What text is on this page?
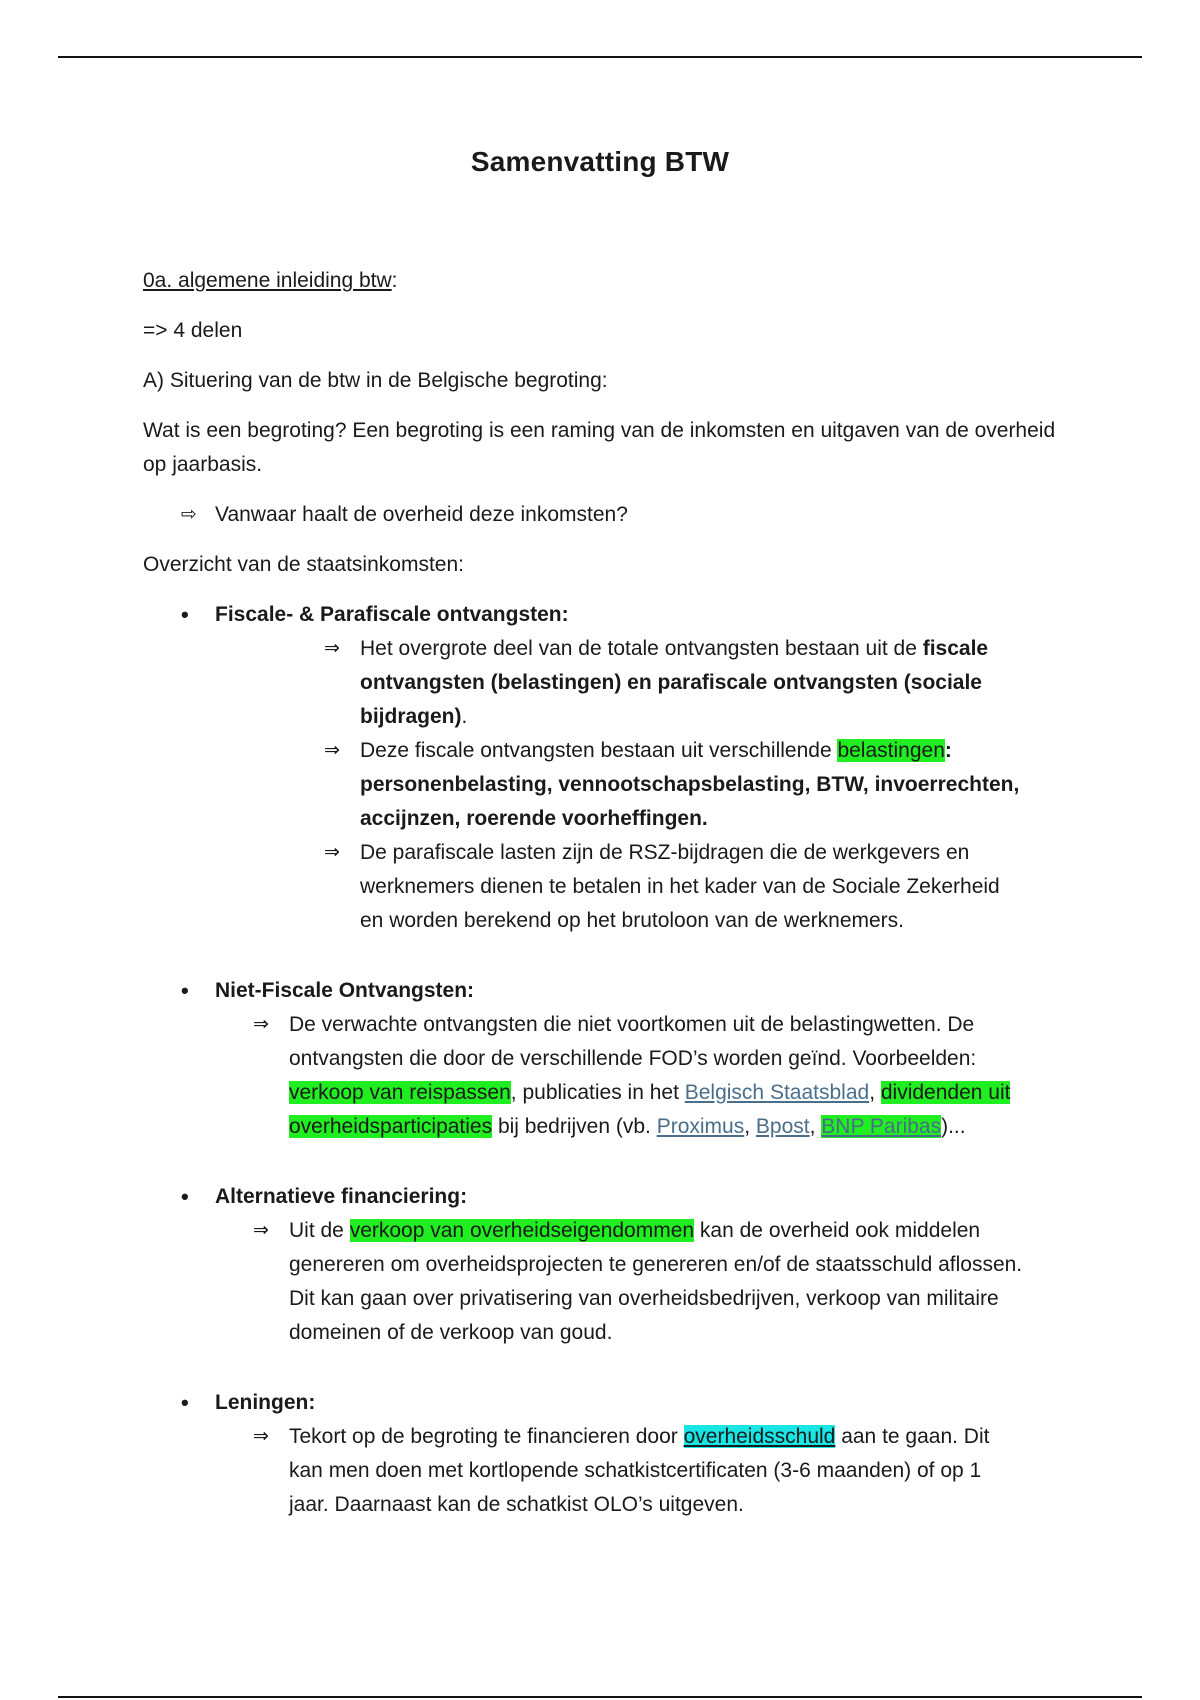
Samenvatting BTW

0a. algemene inleiding btw:

=> 4 delen

A) Situering van de btw in de Belgische begroting:

Wat is een begroting? Een begroting is een raming van de inkomsten en uitgaven van de overheid op jaarbasis.

⇨ Vanwaar haalt de overheid deze inkomsten?

Overzicht van de staatsinkomsten:

•	Fiscale- & Parafiscale ontvangsten:
⇒ Het overgrote deel van de totale ontvangsten bestaan uit de fiscale ontvangsten (belastingen) en parafiscale ontvangsten (sociale bijdragen).
⇒ Deze fiscale ontvangsten bestaan uit verschillende belastingen: personenbelasting, vennootschapsbelasting, BTW, invoerrechten, accijnzen, roerende voorheffingen.
⇒ De parafiscale lasten zijn de RSZ-bijdragen die de werkgevers en werknemers dienen te betalen in het kader van de Sociale Zekerheid en worden berekend op het brutoloon van de werknemers.
•	Niet-Fiscale Ontvangsten:
⇒ De verwachte ontvangsten die niet voortkomen uit de belastingwetten. De ontvangsten die door de verschillende FOD’s worden geïnd. Voorbeelden: verkoop van reispassen, publicaties in het Belgisch Staatsblad, dividenden uit overheidsparticipaties bij bedrijven (vb. Proximus, Bpost, BNP Paribas)...
•	Alternatieve financiering:
⇒ Uit de verkoop van overheidseigendommen kan de overheid ook middelen genereren om overheidsprojecten te genereren en/of de staatsschuld aflossen. Dit kan gaan over privatisering van overheidsbedrijven, verkoop van militaire domeinen of de verkoop van goud.
•	Leningen:
⇒ Tekort op de begroting te financieren door overheidsschuld aan te gaan. Dit kan men doen met kortlopende schatkistcertificaten (3-6 maanden) of op 1 jaar. Daarnaast kan de schatkist OLO’s uitgeven.
